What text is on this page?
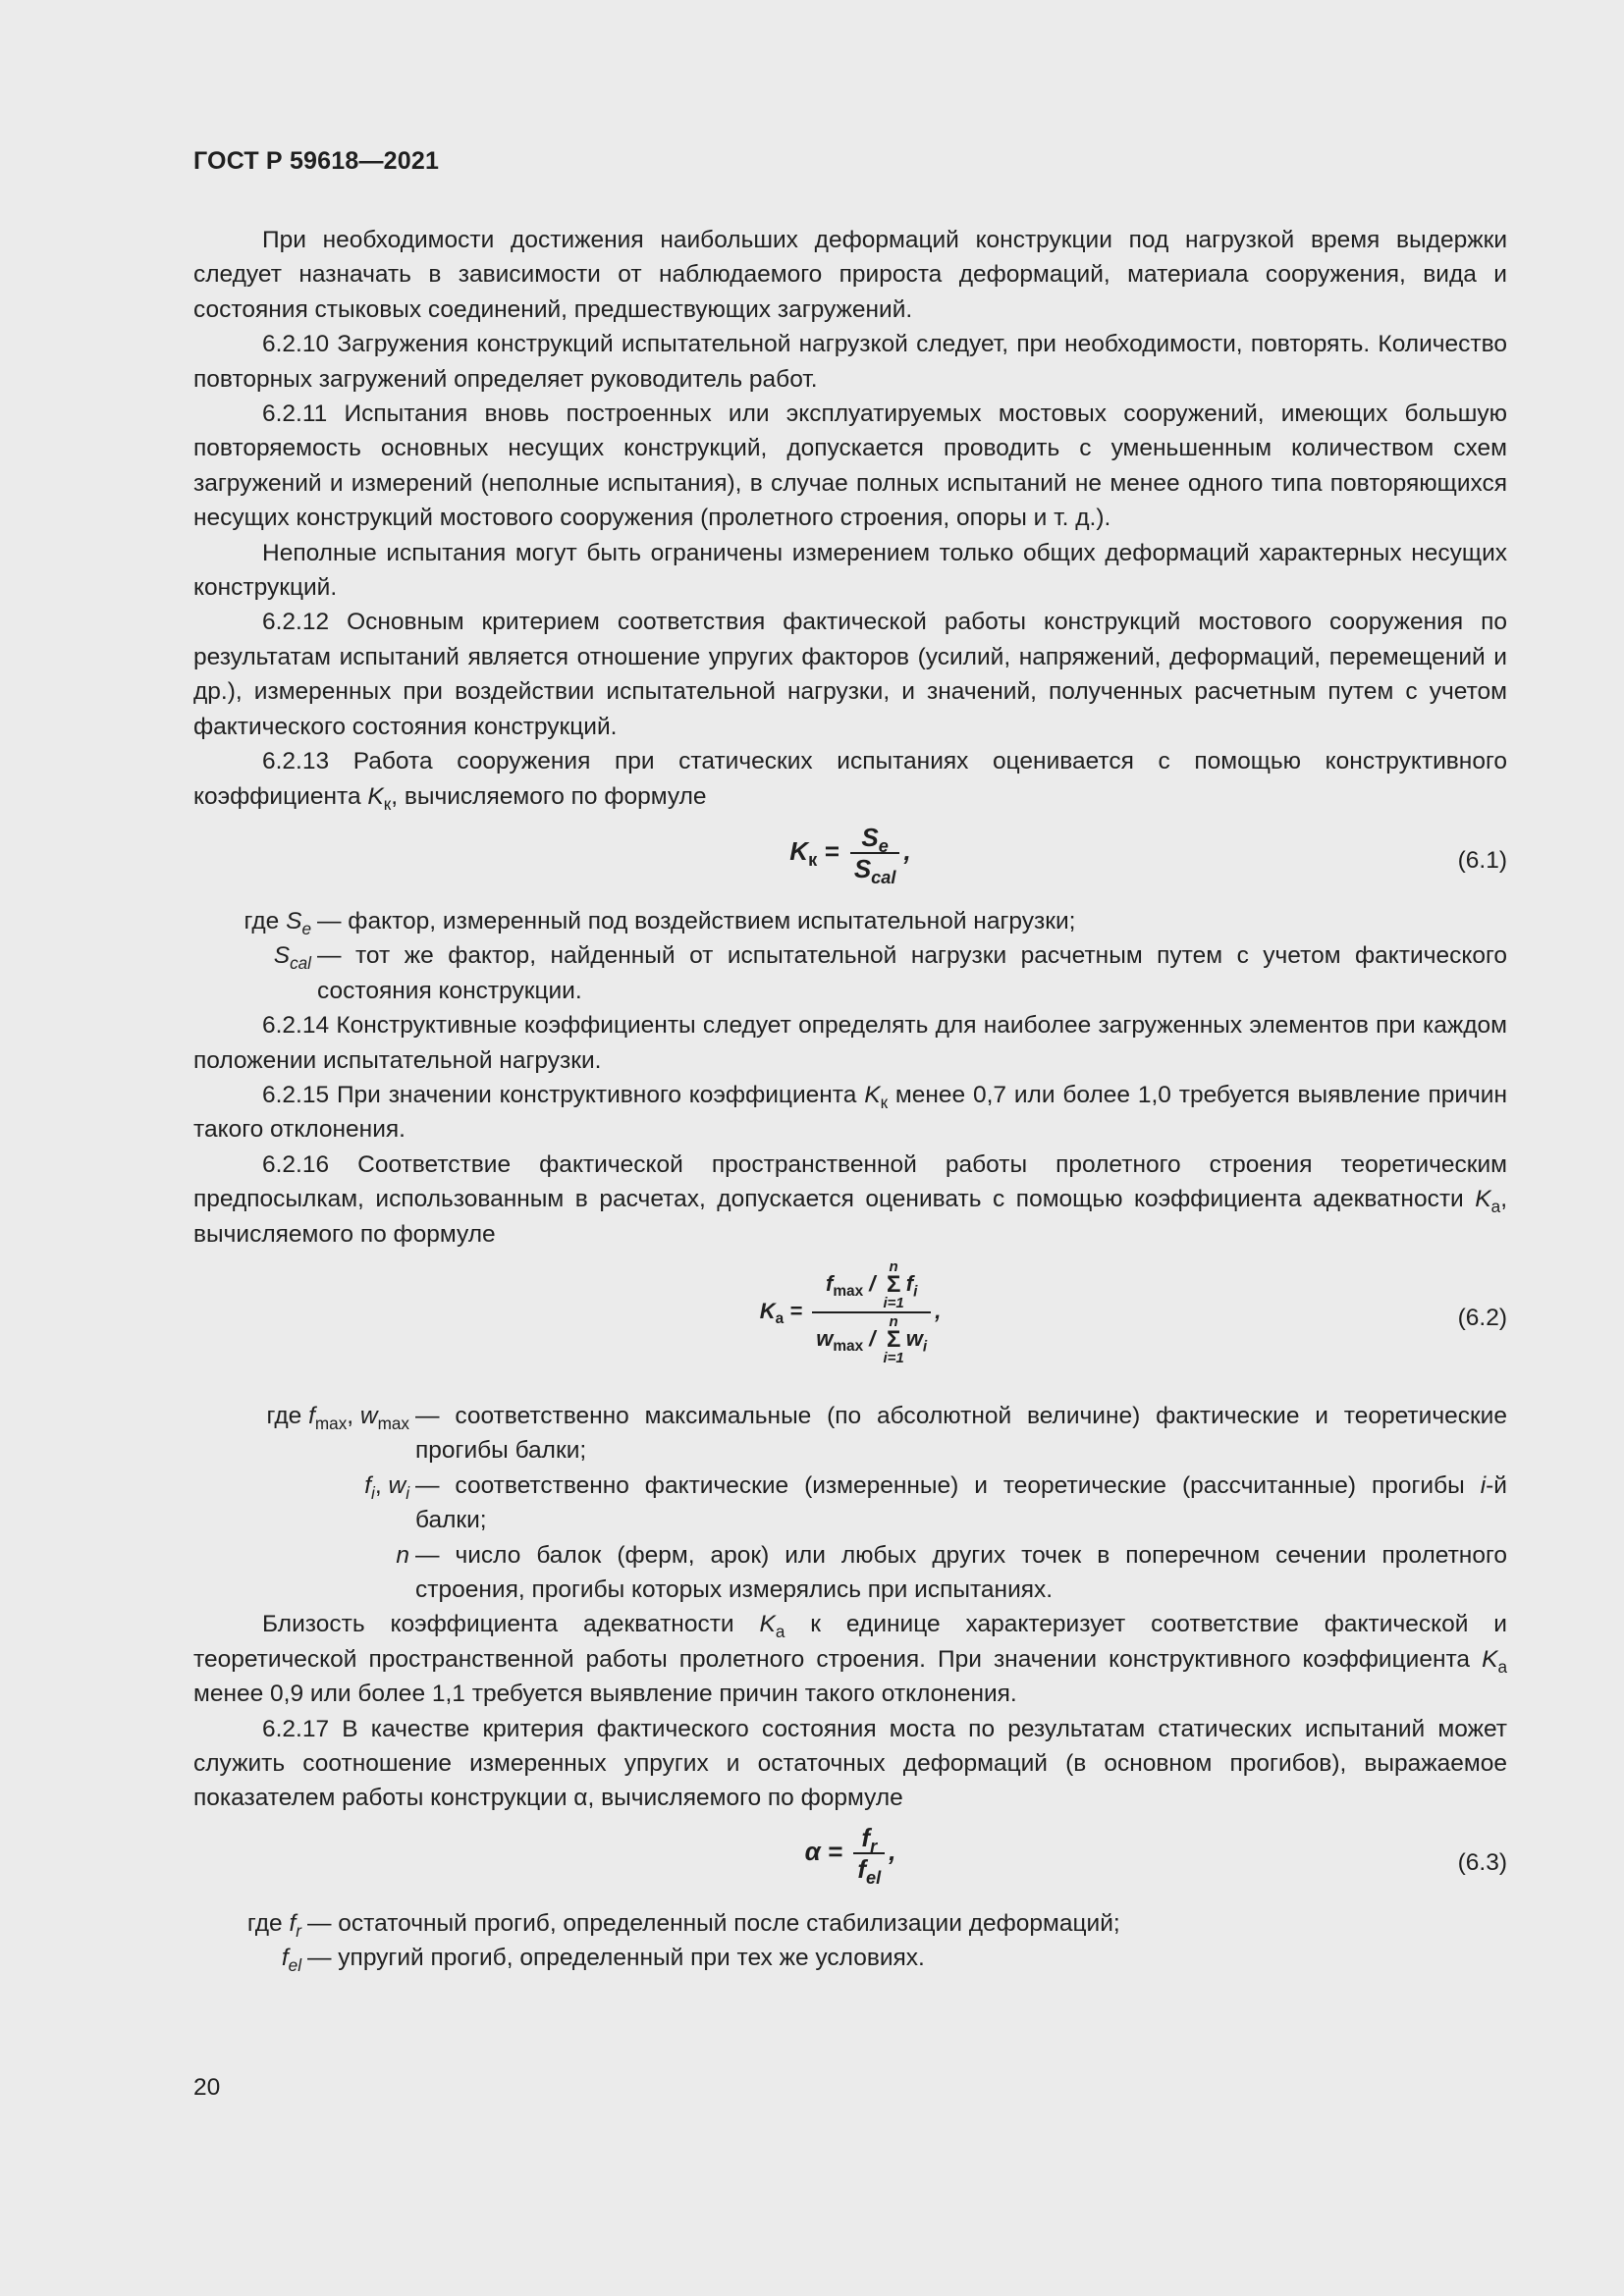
ГОСТ Р 59618—2021

При необходимости достижения наибольших деформаций конструкции под нагрузкой время выдержки следует назначать в зависимости от наблюдаемого прироста деформаций, материала сооружения, вида и состояния стыковых соединений, предшествующих загружений.

6.2.10 Загружения конструкций испытательной нагрузкой следует, при необходимости, повторять. Количество повторных загружений определяет руководитель работ.

6.2.11 Испытания вновь построенных или эксплуатируемых мостовых сооружений, имеющих большую повторяемость основных несущих конструкций, допускается проводить с уменьшенным количеством схем загружений и измерений (неполные испытания), в случае полных испытаний не менее одного типа повторяющихся несущих конструкций мостового сооружения (пролетного строения, опоры и т. д.).

Неполные испытания могут быть ограничены измерением только общих деформаций характерных несущих конструкций.

6.2.12 Основным критерием соответствия фактической работы конструкций мостового сооружения по результатам испытаний является отношение упругих факторов (усилий, напряжений, деформаций, перемещений и др.), измеренных при воздействии испытательной нагрузки, и значений, полученных расчетным путем с учетом фактического состояния конструкций.

6.2.13 Работа сооружения при статических испытаниях оценивается с помощью конструктивного коэффициента $K_к$, вычисляемого по формуле

$K_к = \frac{S_e}{S_{cal}}$ ,	(6.1)
где $S_e$	— фактор, измеренный под воздействием испытательной нагрузки;
$S_{cal}$	— тот же фактор, найденный от испытательной нагрузки расчетным путем с учетом фактического состояния конструкции.

6.2.14 Конструктивные коэффициенты следует определять для наиболее загруженных элементов при каждом положении испытательной нагрузки.

6.2.15 При значении конструктивного коэффициента $K_к$ менее 0,7 или более 1,0 требуется выявление причин такого отклонения.

6.2.16 Соответствие фактической пространственной работы пролетного строения теоретическим предпосылкам, использованным в расчетах, допускается оценивать с помощью коэффициента адекватности $K_а$, вычисляемого по формуле

$K_а = f_{max} / n$
Σ
$i=1f_i$
$w_{max}$ / n
Σ
$i=1w_i$ ,	(6.2)
где $f_{max}$, $w_{max}$	— соответственно максимальные (по абсолютной величине) фактические и теоретические прогибы балки;
$f_i$, $w_i$	— соответственно фактические (измеренные) и теоретические (рассчитанные) прогибы i-й балки;
n	— число балок (ферм, арок) или любых других точек в поперечном сечении пролетного строения, прогибы которых измерялись при испытаниях.

Близость коэффициента адекватности $K_а$ к единице характеризует соответствие фактической и теоретической пространственной работы пролетного строения. При значении конструктивного коэффициента $K_а$ менее 0,9 или более 1,1 требуется выявление причин такого отклонения.

6.2.17 В качестве критерия фактического состояния моста по результатам статических испытаний может служить соотношение измеренных упругих и остаточных деформаций (в основном прогибов), выражаемое показателем работы конструкции α, вычисляемого по формуле

$\alpha = \frac{f_r}{f_{el}}$ ,	(6.3)
где $f_r$	— остаточный прогиб, определенный после стабилизации деформаций;
$f_{el}$	— упругий прогиб, определенный при тех же условиях.
20
